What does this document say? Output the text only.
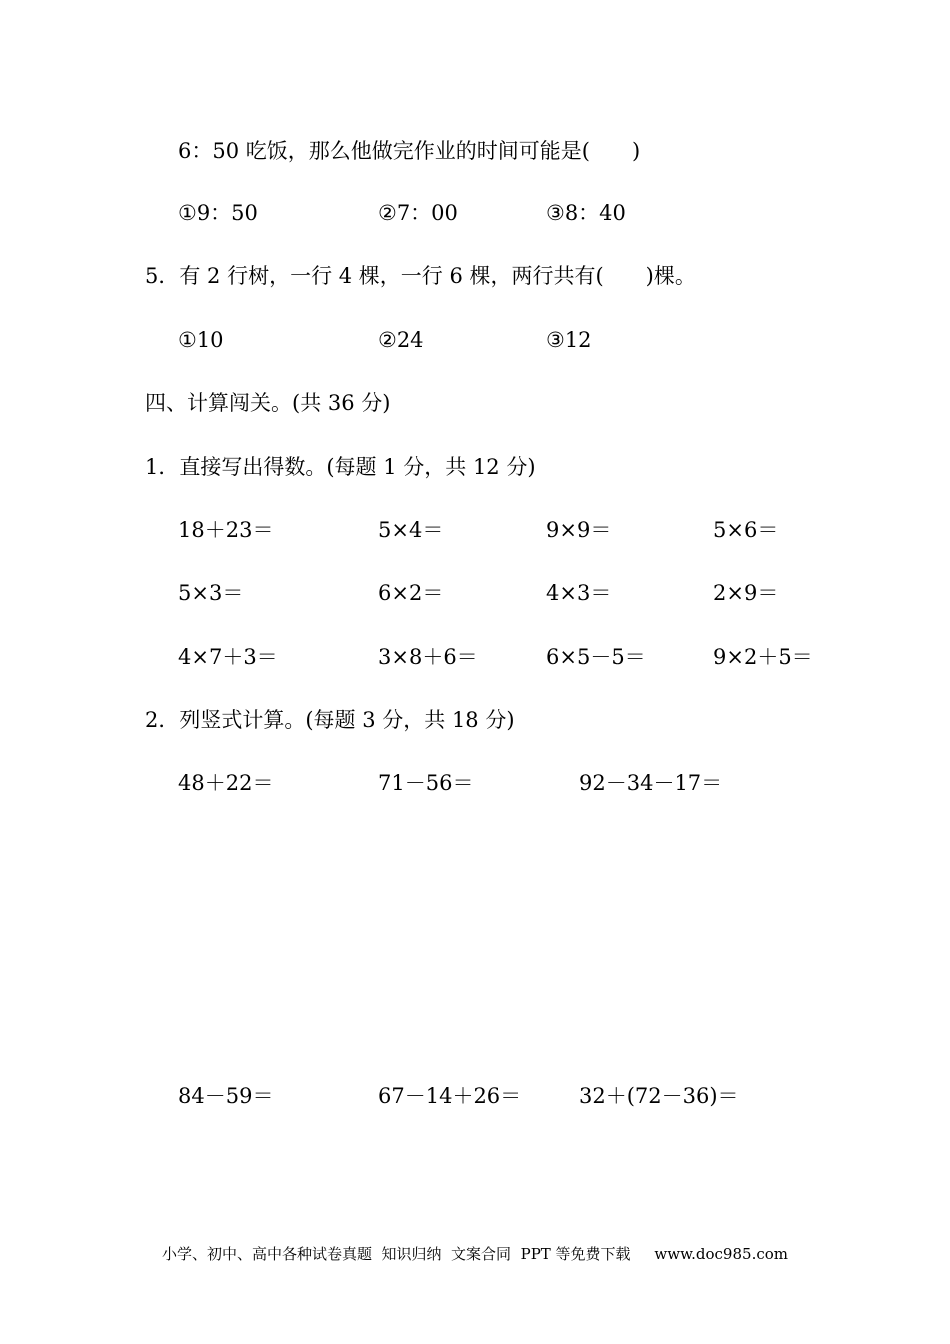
6：50 吃饭，那么他做完作业的时间可能是(　　)
①9：50	②7：00	③8：40
5．有 2 行树，一行 4 棵，一行 6 棵，两行共有(　　)棵。
①10	②24	③12
四、计算闯关。(共 36 分)
1．直接写出得数。(每题 1 分，共 12 分)
18＋23＝	5×4＝	9×9＝	5×6＝
5×3＝	6×2＝	4×3＝	2×9＝
4×7＋3＝	3×8＋6＝	6×5－5＝	9×2＋5＝
2．列竖式计算。(每题 3 分，共 18 分)
48＋22＝	71－56＝	92－34－17＝
84－59＝	67－14＋26＝	32＋(72－36)＝
小学、初中、高中各种试卷真题  知识归纳  文案合同  PPT 等免费下载     www.doc985.com
